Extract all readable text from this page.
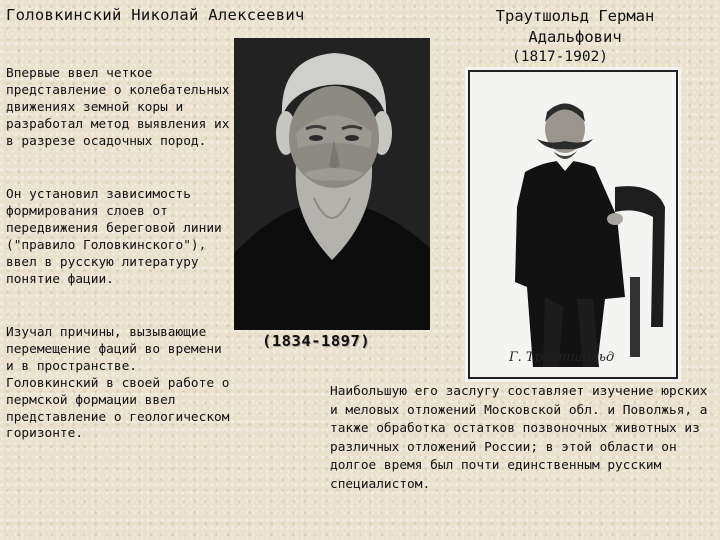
Головкинский Николай Алексеевич	Траутшольд Герман Адальфович
(1817-1902)
Впервые ввел четкое представление о колебательных движениях земной коры и разработал метод выявления их в разрезе осадочных пород.
Он установил зависимость формирования слоев от передвижения береговой линии ("правило Головкинского"), ввел в русскую литературу понятие фации.
Изучал причины, вызывающие перемещение фаций во времени и в пространстве. Головкинский в своей работе о пермской формации ввел представление о геологическом горизонте.
Г. Траутшольд
(1834-1897)
Наибольшую его заслугу составляет изучение юрских и меловых отложений Московской обл. и Поволжья, а также обработка остатков позвоночных животных из различных отложений России; в этой области он долгое время был почти единственным русским специалистом.
